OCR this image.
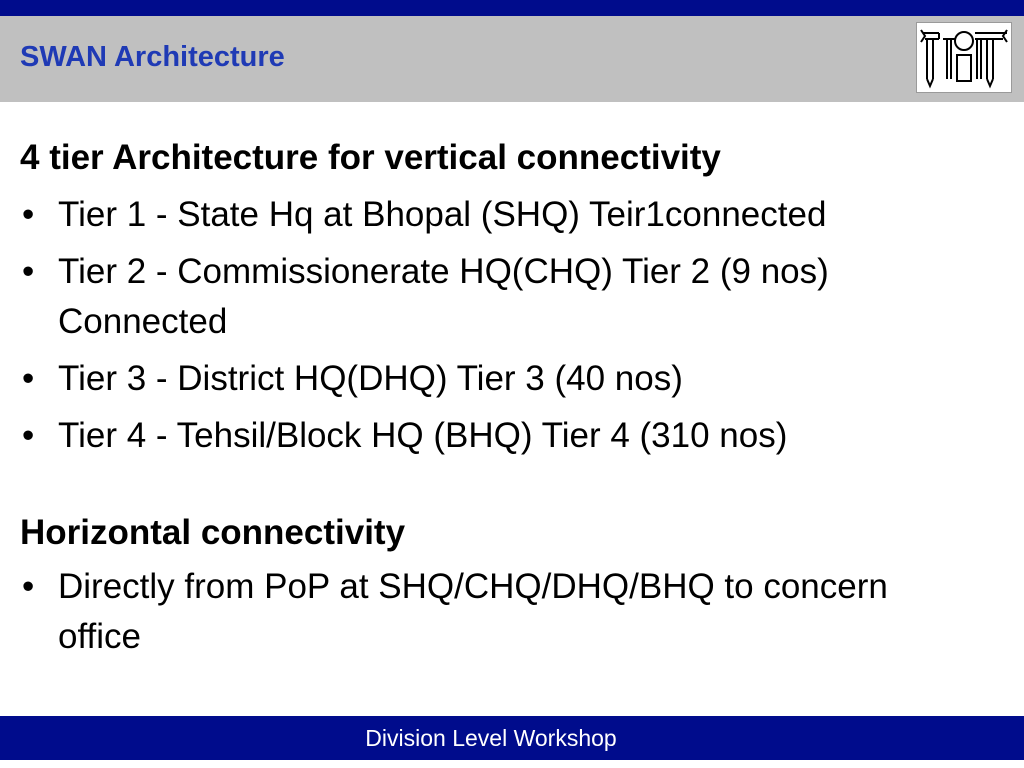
SWAN Architecture
4 tier Architecture for vertical connectivity
• Tier 1 - State Hq at Bhopal (SHQ) Teir1connected
• Tier 2 - Commissionerate HQ(CHQ) Tier 2 (9 nos) Connected
• Tier 3 - District HQ(DHQ) Tier 3 (40 nos)
• Tier 4 - Tehsil/Block HQ (BHQ) Tier 4 (310 nos)
Horizontal connectivity
• Directly from PoP at SHQ/CHQ/DHQ/BHQ to concern office
Division Level Workshop
